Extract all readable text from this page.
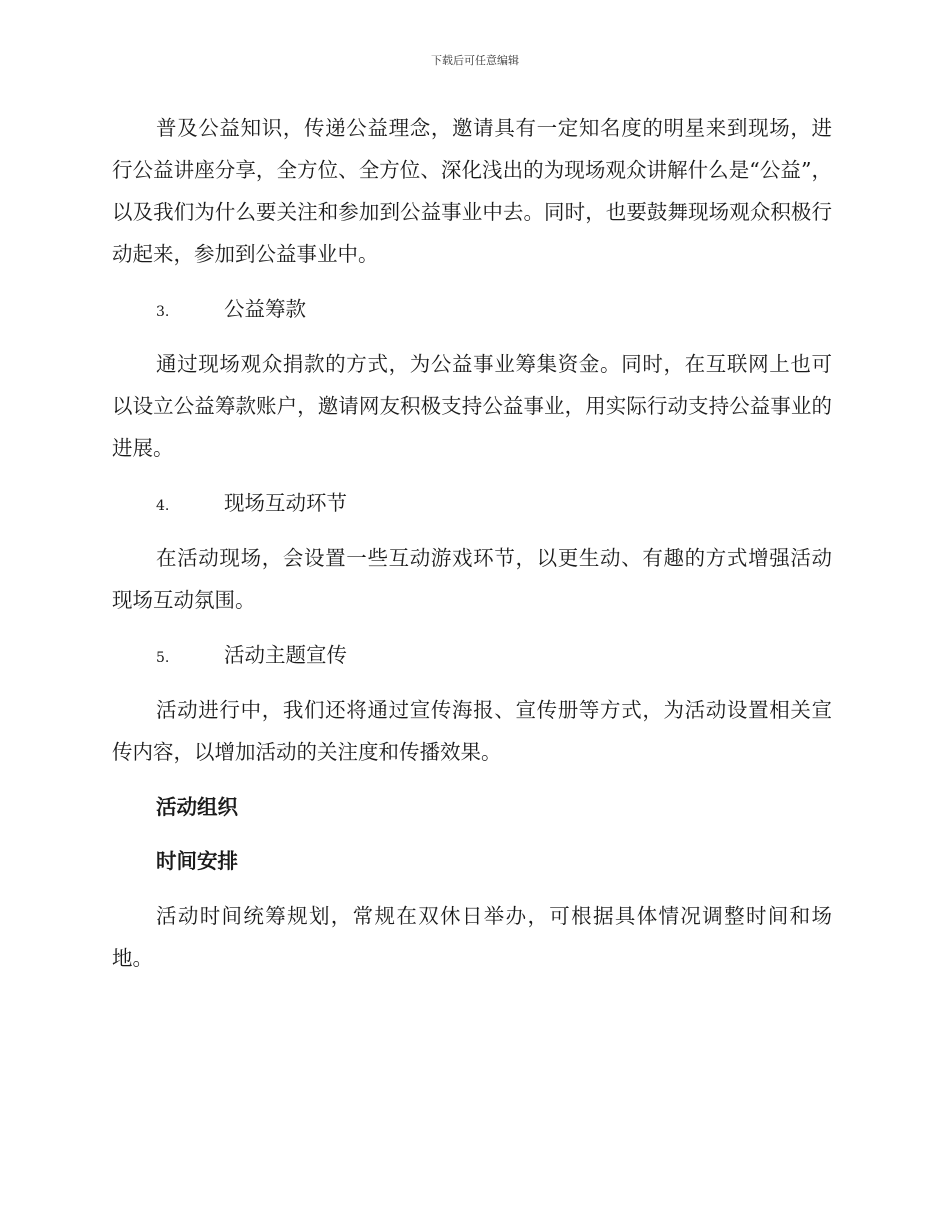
下载后可任意编辑

普及公益知识，传递公益理念，邀请具有一定知名度的明星来到现场，进行公益讲座分享，全方位、全方位、深化浅出的为现场观众讲解什么是“公益”，以及我们为什么要关注和参加到公益事业中去。同时，也要鼓舞现场观众积极行动起来，参加到公益事业中。

3.	公益筹款

通过现场观众捐款的方式，为公益事业筹集资金。同时，在互联网上也可以设立公益筹款账户，邀请网友积极支持公益事业，用实际行动支持公益事业的进展。

4.	现场互动环节

在活动现场，会设置一些互动游戏环节，以更生动、有趣的方式增强活动现场互动氛围。

5.	活动主题宣传

活动进行中，我们还将通过宣传海报、宣传册等方式，为活动设置相关宣传内容，以增加活动的关注度和传播效果。

活动组织
时间安排

活动时间统筹规划，常规在双休日举办，可根据具体情况调整时间和场地。
